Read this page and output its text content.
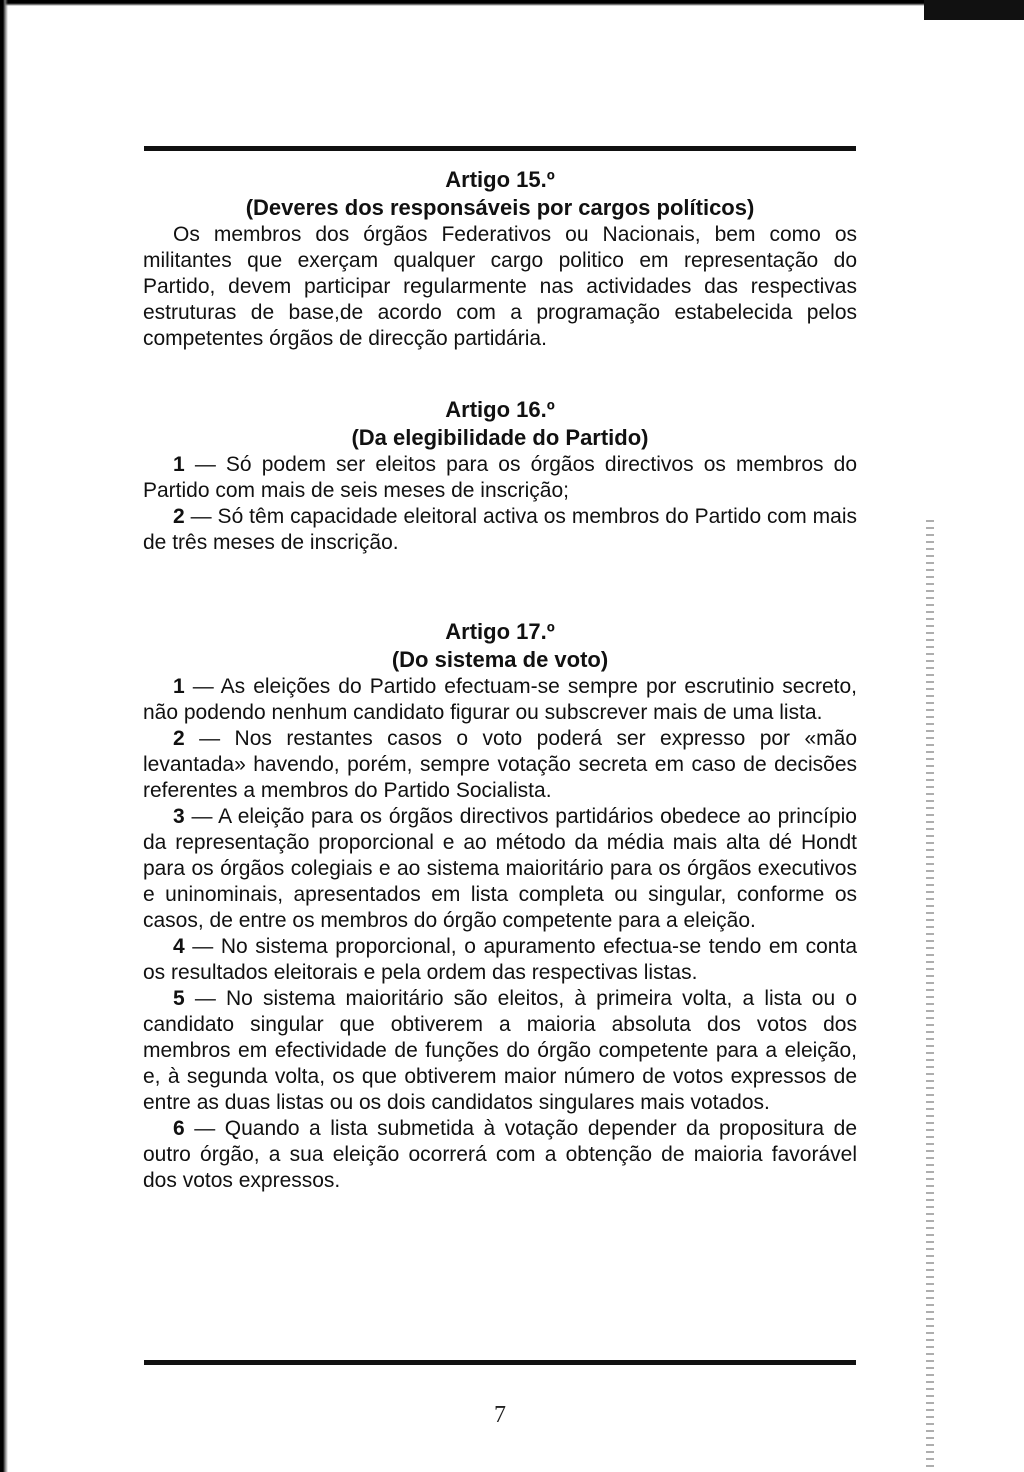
Artigo 15.º

(Deveres dos responsáveis por cargos políticos)

Os membros dos órgãos Federativos ou Nacionais, bem como os militantes que exerçam qualquer cargo politico em representação do Partido, devem participar regularmente nas actividades das respectivas estruturas de base,de acordo com a programação estabelecida pelos competentes órgãos de direcção partidária.

Artigo 16.º

(Da elegibilidade do Partido)

1 — Só podem ser eleitos para os órgãos directivos os membros do Partido com mais de seis meses de inscrição;

2 — Só têm capacidade eleitoral activa os membros do Partido com mais de três meses de inscrição.

Artigo 17.º

(Do sistema de voto)

1 — As eleições do Partido efectuam-se sempre por escrutinio secreto, não podendo nenhum candidato figurar ou subscrever mais de uma lista.

2 — Nos restantes casos o voto poderá ser expresso por «mão levantada» havendo, porém, sempre votação secreta em caso de decisões referentes a membros do Partido Socialista.

3 — A eleição para os órgãos directivos partidários obedece ao princípio da representação proporcional e ao método da média mais alta dé Hondt para os órgãos colegiais e ao sistema maioritário para os órgãos executivos e uninominais, apresentados em lista completa ou singular, conforme os casos, de entre os membros do órgão competente para a eleição.

4 — No sistema proporcional, o apuramento efectua-se tendo em conta os resultados eleitorais e pela ordem das respectivas listas.

5 — No sistema maioritário são eleitos, à primeira volta, a lista ou o candidato singular que obtiverem a maioria absoluta dos votos dos membros em efectividade de funções do órgão competente para a eleição, e, à segunda volta, os que obtiverem maior número de votos expressos de entre as duas listas ou os dois candidatos singulares mais votados.

6 — Quando a lista submetida à votação depender da propositura de outro órgão, a sua eleição ocorrerá com a obtenção de maioria favorável dos votos expressos.

7
